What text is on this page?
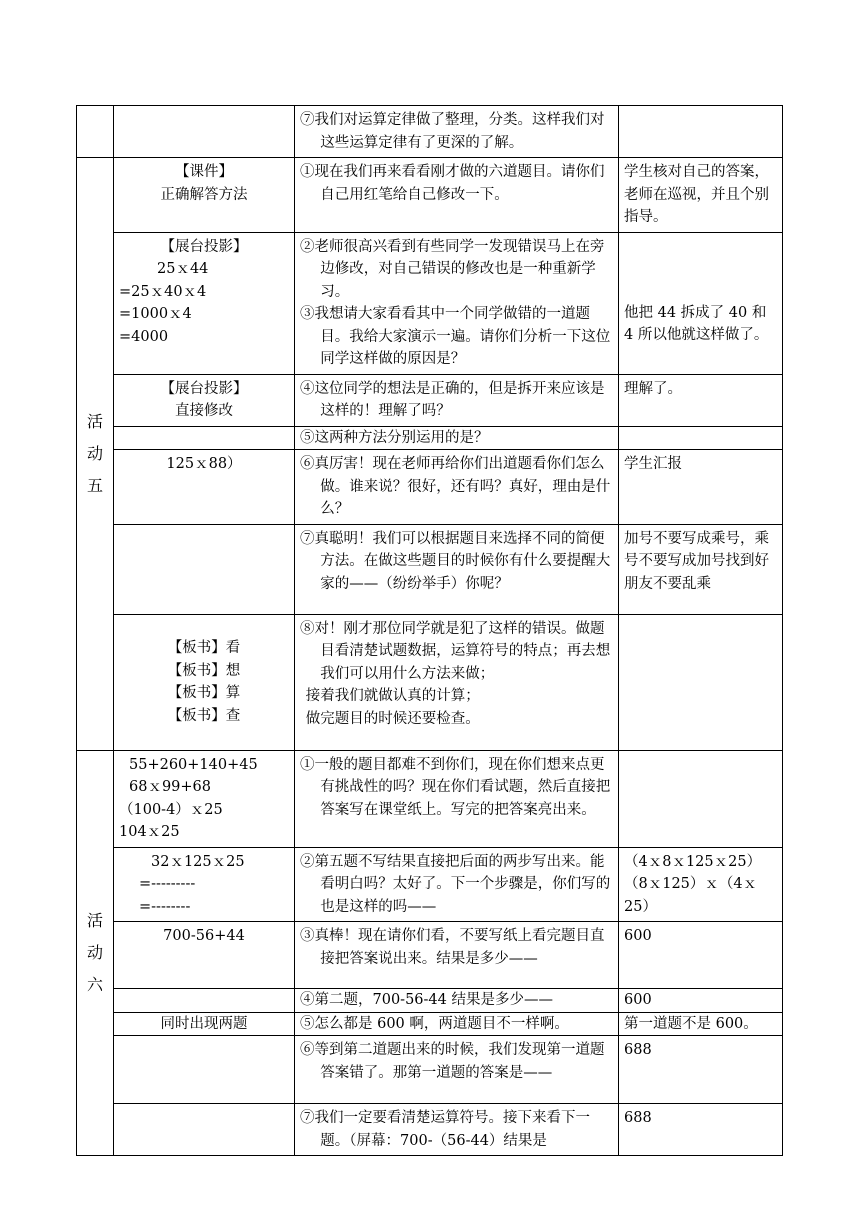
		⑦我们对运算定律做了整理，分类。这样我们对这些运算定律有了更深的了解。	

活
动
五	【课件】
正确解答方法	①现在我们再来看看刚才做的六道题目。请你们自己用红笔给自己修改一下。	学生核对自己的答案，老师在巡视，并且个别指导。

	【展台投影】
25ｘ44
=25ｘ40ｘ4
=1000ｘ4
=4000	②老师很高兴看到有些同学一发现错误马上在旁边修改，对自己错误的修改也是一种重新学习。
③我想请大家看看其中一个同学做错的一道题目。我给大家演示一遍。请你们分析一下这位同学这样做的原因是？	他把 44 拆成了 40 和 4 所以他就这样做了。

	【展台投影】
直接修改	④这位同学的想法是正确的，但是拆开来应该是这样的！理解了吗？	理解了。

		⑤这两种方法分别运用的是？	

	125ｘ88）	⑥真厉害！现在老师再给你们出道题看你们怎么做。谁来说？很好，还有吗？真好，理由是什么？	学生汇报

		⑦真聪明！我们可以根据题目来选择不同的简便方法。在做这些题目的时候你有什么要提醒大家的——（纷纷举手）你呢？	加号不要写成乘号，乘号不要写成加号找到好朋友不要乱乘

	【板书】看
【板书】想
【板书】算
【板书】查	⑧对！刚才那位同学就是犯了这样的错误。做题目看清楚试题数据，运算符号的特点；再去想我们可以用什么方法来做；
接着我们就做认真的计算；
做完题目的时候还要检查。	

活
动
六	55+260+140+45
68ｘ99+68
（100-4）ｘ25
104ｘ25	①一般的题目都难不到你们，现在你们想来点更有挑战性的吗？现在你们看试题，然后直接把答案写在课堂纸上。写完的把答案亮出来。	

	32ｘ125ｘ25
=---------
=--------	②第五题不写结果直接把后面的两步写出来。能看明白吗？太好了。下一个步骤是，你们写的也是这样的吗——	（4ｘ8ｘ125ｘ25）（8ｘ125）ｘ（4ｘ25）

	700-56+44	③真棒！现在请你们看，不要写纸上看完题目直接把答案说出来。结果是多少——	600

		④第二题，700-56-44 结果是多少——	600

	同时出现两题	⑤怎么都是 600 啊，两道题目不一样啊。	第一道题不是 600。

		⑥等到第二道题出来的时候，我们发现第一道题答案错了。那第一道题的答案是——	688

		⑦我们一定要看清楚运算符号。接下来看下一题。（屏幕：700-（56-44）结果是	688
